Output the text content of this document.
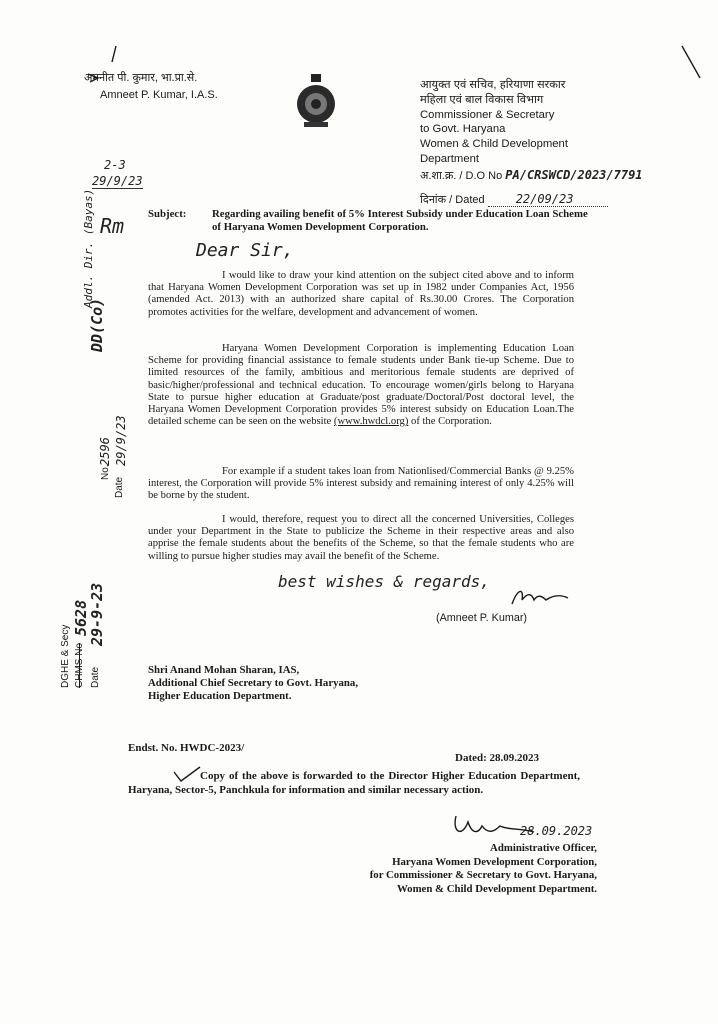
अमनीत पी. कुमार, भा.प्रा.से.
Amneet P. Kumar, I.A.S.
आयुक्त एवं सचिव, हरियाणा सरकार
महिला एवं बाल विकास विभाग
Commissioner & Secretary
to Govt. Haryana
Women & Child Development
Department
अ.शा.क्र. / D.O No PA/CRSWCD/2023/7791
दिनांक / Dated	22/09/23
2-3
29/9/23
Rm Subject: Regarding availing benefit of 5% Interest Subsidy under Education Loan Scheme of Haryana Women Development Corporation.
Dear Sir,
Addl. Dir. (Bayas)
DD(Co)
I would like to draw your kind attention on the subject cited above and to inform that Haryana Women Development Corporation was set up in 1982 under Companies Act, 1956 (amended Act. 2013) with an authorized share capital of Rs.30.00 Crores. The Corporation promotes activities for the welfare, development and advancement of women.
Haryana Women Development Corporation is implementing Education Loan Scheme for providing financial assistance to female students under Bank tie-up Scheme. Due to limited resources of the family, ambitious and meritorious female students are deprived of basic/higher/professional and technical education. To encourage women/girls belong to Haryana State to pursue higher education at Graduate/post graduate/Doctoral/Post doctoral level, the Haryana Women Development Corporation provides 5% interest subsidy on Education Loan.The detailed scheme can be seen on the website (www.hwdcl.org) of the Corporation.
For example if a student takes loan from Nationlised/Commercial Banks @ 9.25% interest, the Corporation will provide 5% interest subsidy and remaining interest of only 4.25% will be borne by the student.
I would, therefore, request you to direct all the concerned Universities, Colleges under your Department in the State to publicize the Scheme in their respective areas and also apprise the female students about the benefits of the Scheme, so that the female students who are willing to pursue higher studies may avail the benefit of the Scheme.
No.
2596
Date
29/9/23
DGHE & Secy CHMS No
5628
Date
29-9-23
best wishes & regards,
(Amneet P. Kumar)
Shri Anand Mohan Sharan, IAS,
Additional Chief Secretary to Govt. Haryana,
Higher Education Department.
Endst. No. HWDC-2023/
Dated: 28.09.2023
Copy of the above is forwarded to the Director Higher Education Department, Haryana, Sector-5, Panchkula for information and similar necessary action.
28.09.2023
Administrative Officer,
Haryana Women Development Corporation,
for Commissioner & Secretary to Govt. Haryana,
Women & Child Development Department.
